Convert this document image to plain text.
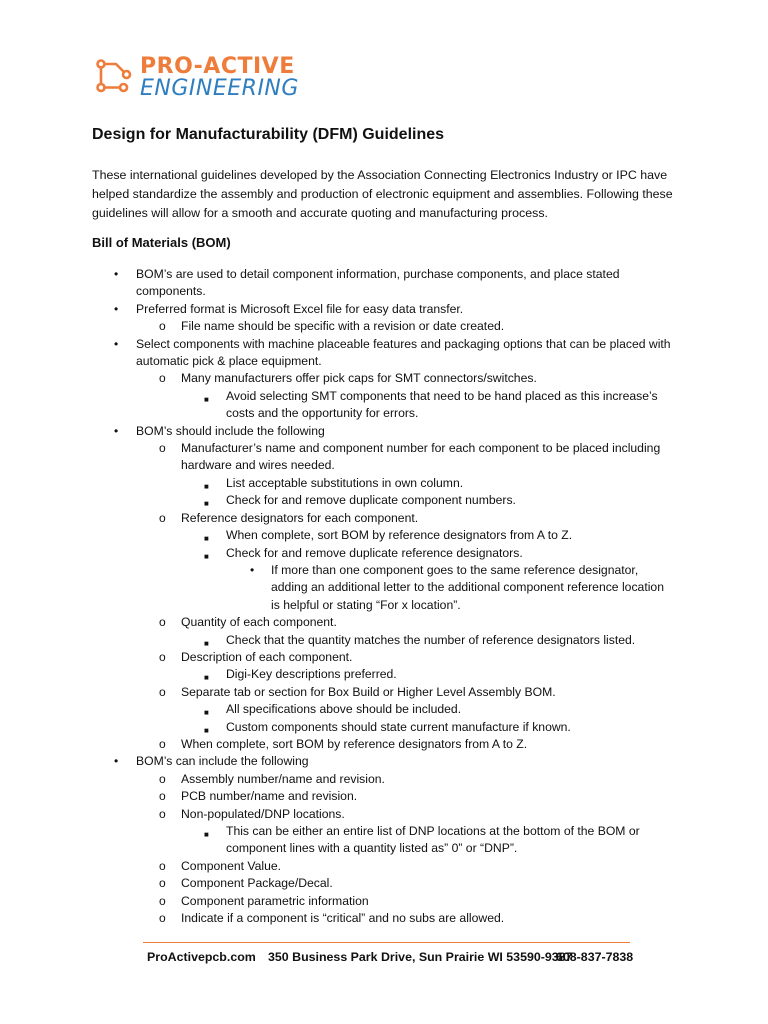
PRO-ACTIVE

ENGINEERING

Design for Manufacturability (DFM) Guidelines

These international guidelines developed by the Association Connecting Electronics Industry or IPC have helped standardize the assembly and production of electronic equipment and assemblies. Following these guidelines will allow for a smooth and accurate quoting and manufacturing process.

Bill of Materials (BOM)

• BOM’s are used to detail component information, purchase components, and place stated components.

• Preferred format is Microsoft Excel file for easy data transfer.

o File name should be specific with a revision or date created.

• Select components with machine placeable features and packaging options that can be placed with automatic pick & place equipment.

o Many manufacturers offer pick caps for SMT connectors/switches.

■ Avoid selecting SMT components that need to be hand placed as this increase’s costs and the opportunity for errors.

• BOM’s should include the following

o Manufacturer’s name and component number for each component to be placed including hardware and wires needed.

■ List acceptable substitutions in own column.

■ Check for and remove duplicate component numbers.

o Reference designators for each component.

■ When complete, sort BOM by reference designators from A to Z.

■ Check for and remove duplicate reference designators.

• If more than one component goes to the same reference designator, adding an additional letter to the additional component reference location is helpful or stating “For x location”.

o Quantity of each component.

■ Check that the quantity matches the number of reference designators listed.

o Description of each component.

■ Digi-Key descriptions preferred.

o Separate tab or section for Box Build or Higher Level Assembly BOM.

■ All specifications above should be included.

■ Custom components should state current manufacture if known.

o When complete, sort BOM by reference designators from A to Z.

• BOM’s can include the following

o Assembly number/name and revision.

o PCB number/name and revision.

o Non-populated/DNP locations.

■ This can be either an entire list of DNP locations at the bottom of the BOM or component lines with a quantity listed as” 0” or “DNP”.

o Component Value.

o Component Package/Decal.

o Component parametric information

o Indicate if a component is “critical” and no subs are allowed.

ProActivepcb.com 350 Business Park Drive, Sun Prairie WI 53590-9387
608-837-7838
